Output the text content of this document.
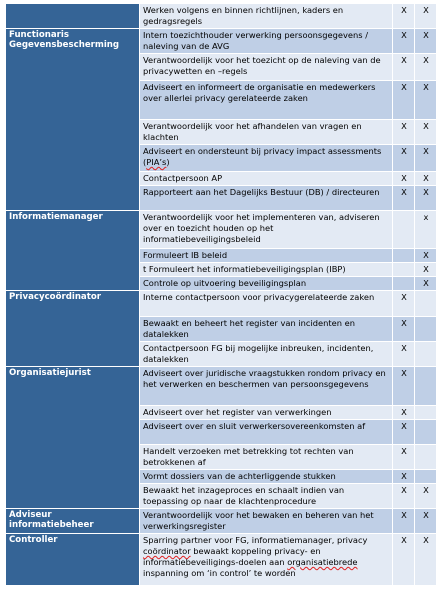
	Werken volgens en binnen richtlijnen, kaders en gedragsregels	X	X
Functionaris Gegevensbescherming	Intern toezichthouder verwerking persoonsgegevens / naleving van de AVG	X	X
	Verantwoordelijk voor het toezicht op de naleving van de privacywetten en –regels	X	X
	Adviseert en informeert de organisatie en medewerkers over allerlei privacy gerelateerde zaken	X	X
	Verantwoordelijk voor het afhandelen van vragen en klachten	X	X
	Adviseert en ondersteunt bij privacy impact assessments (PIA’s)	X	X
	Contactpersoon AP	X	X
	Rapporteert aan het Dagelijks Bestuur (DB) / directeuren	X	X
Informatiemanager	Verantwoordelijk voor het implementeren van, adviseren over en toezicht houden op het informatiebeveiligingsbeleid		x
	Formuleert IB beleid		X
	t Formuleert het informatiebeveiligingsplan (IBP)		X
	Controle op uitvoering beveiligingsplan		X
Privacycoördinator	Interne contactpersoon voor privacygerelateerde zaken	X	
	Bewaakt en beheert het register van incidenten en datalekken	X	
	Contactpersoon FG bij mogelijke inbreuken, incidenten, datalekken	X	
Organisatiejurist	Adviseert over juridische vraagstukken rondom privacy en het verwerken en beschermen van persoonsgegevens	X	
	Adviseert over het register van verwerkingen	X	
	Adviseert over en sluit verwerkersovereenkomsten af	X	
	Handelt verzoeken met betrekking tot rechten van betrokkenen af	X	
	Vormt dossiers van de achterliggende stukken	X	
	Bewaakt het inzageproces en schaalt indien van toepassing op naar de klachtenprocedure	X	X
Adviseur informatiebeheer	Verantwoordelijk voor het bewaken en beheren van het verwerkingsregister	X	X
Controller	Sparring partner voor FG, informatiemanager, privacy coördinator bewaakt koppeling privacy- en informatiebeveiligings-doelen aan organisatiebrede inspanning om ‘in control’ te worden	X	X
